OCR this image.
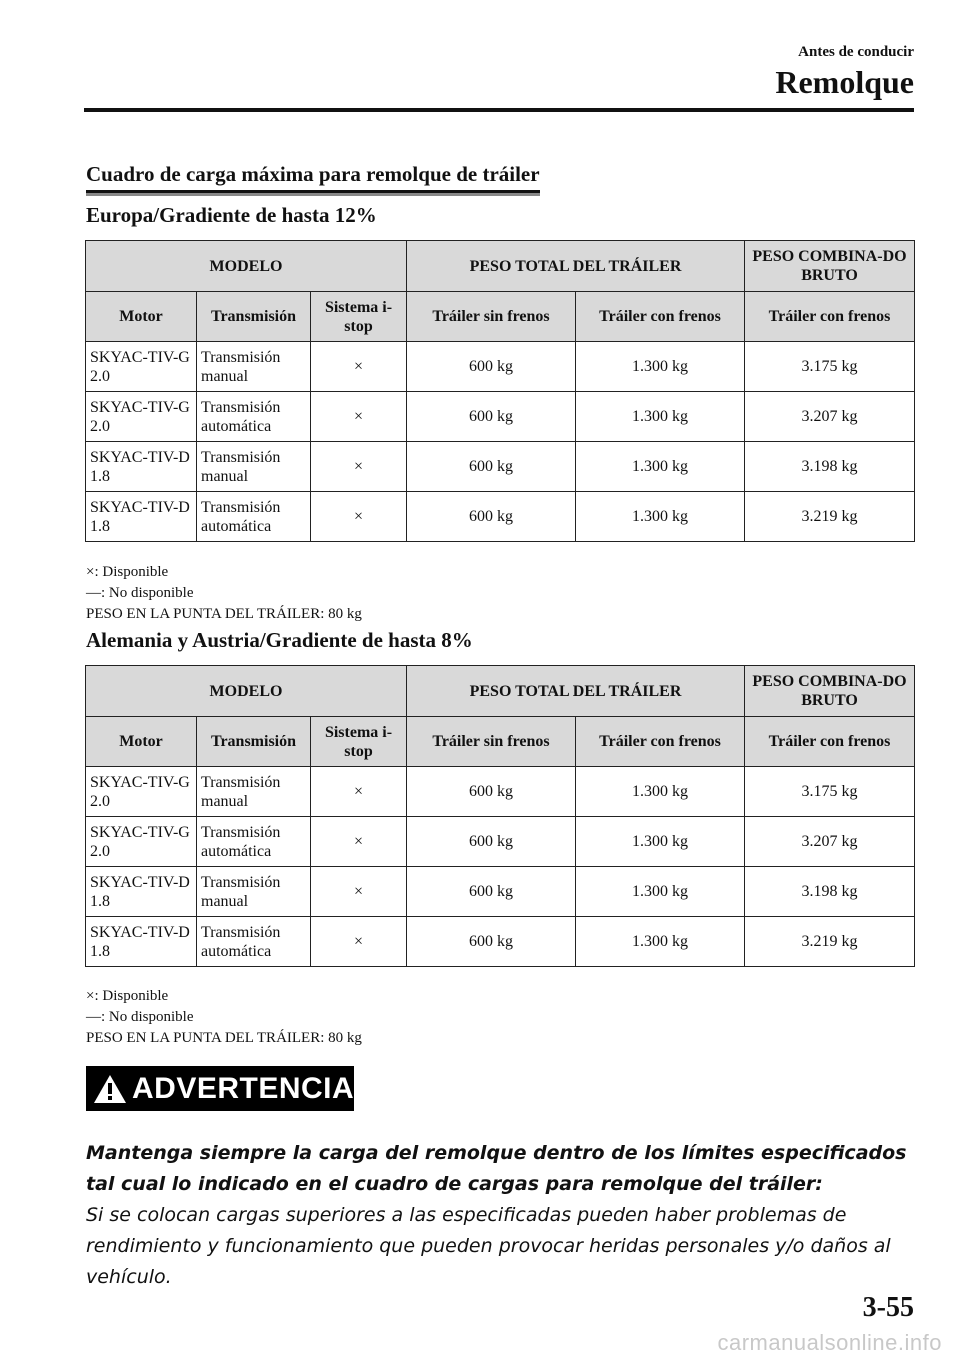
Antes de conducir
Remolque
Cuadro de carga máxima para remolque de tráiler
Europa/Gradiente de hasta 12%
MODELO			PESO TOTAL DEL TRÁILER		PESO COMBINA-DO BRUTO
Motor	Transmisión	Sistema i-stop	Tráiler sin frenos	Tráiler con frenos	Tráiler con frenos
SKYAC-TIV-G 2.0	Transmisión manual	×	600 kg	1.300 kg	3.175 kg
SKYAC-TIV-G 2.0	Transmisión automática	×	600 kg	1.300 kg	3.207 kg
SKYAC-TIV-D 1.8	Transmisión manual	×	600 kg	1.300 kg	3.198 kg
SKYAC-TIV-D 1.8	Transmisión automática	×	600 kg	1.300 kg	3.219 kg
×: Disponible
―: No disponible
PESO EN LA PUNTA DEL TRÁILER: 80 kg
Alemania y Austria/Gradiente de hasta 8%
MODELO			PESO TOTAL DEL TRÁILER		PESO COMBINA-DO BRUTO
Motor	Transmisión	Sistema i-stop	Tráiler sin frenos	Tráiler con frenos	Tráiler con frenos
SKYAC-TIV-G 2.0	Transmisión manual	×	600 kg	1.300 kg	3.175 kg
SKYAC-TIV-G 2.0	Transmisión automática	×	600 kg	1.300 kg	3.207 kg
SKYAC-TIV-D 1.8	Transmisión manual	×	600 kg	1.300 kg	3.198 kg
SKYAC-TIV-D 1.8	Transmisión automática	×	600 kg	1.300 kg	3.219 kg
×: Disponible
―: No disponible
PESO EN LA PUNTA DEL TRÁILER: 80 kg
ADVERTENCIA
Mantenga siempre la carga del remolque dentro de los límites especificados tal cual lo indicado en el cuadro de cargas para remolque del tráiler:
Si se colocan cargas superiores a las especificadas pueden haber problemas de rendimiento y funcionamiento que pueden provocar heridas personales y/o daños al vehículo.
3-55
carmanualsonline.info
